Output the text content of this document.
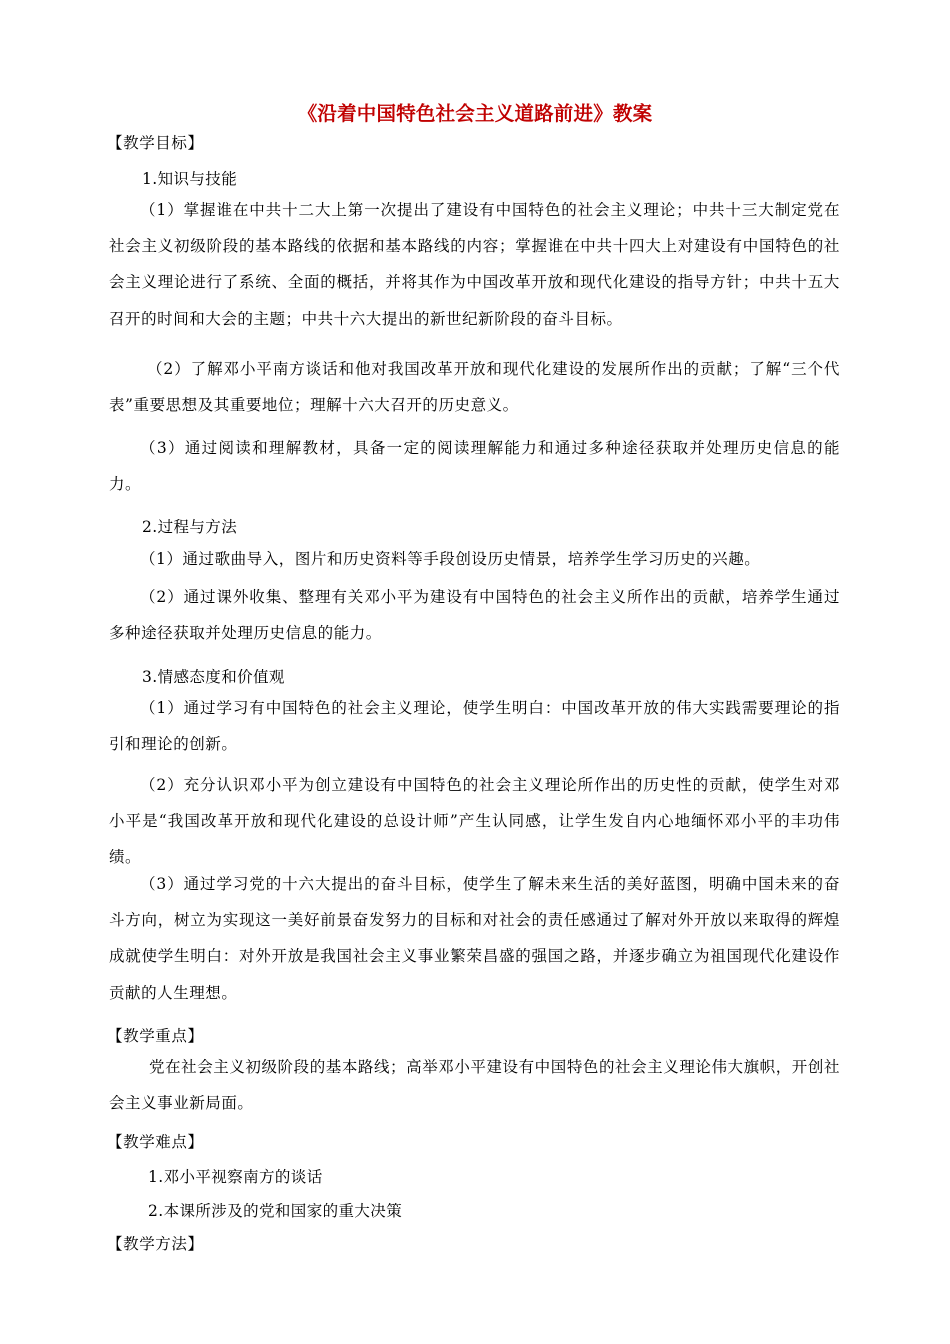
《沿着中国特色社会主义道路前进》教案
【教学目标】
1.知识与技能

（1）掌握谁在中共十二大上第一次提出了建设有中国特色的社会主义理论；中共十三大制定党在社会主义初级阶段的基本路线的依据和基本路线的内容；掌握谁在中共十四大上对建设有中国特色的社会主义理论进行了系统、全面的概括，并将其作为中国改革开放和现代化建设的指导方针；中共十五大召开的时间和大会的主题；中共十六大提出的新世纪新阶段的奋斗目标。

（2）了解邓小平南方谈话和他对我国改革开放和现代化建设的发展所作出的贡献；了解“三个代表”重要思想及其重要地位；理解十六大召开的历史意义。

（3）通过阅读和理解教材，具备一定的阅读理解能力和通过多种途径获取并处理历史信息的能力。

2.过程与方法

（1）通过歌曲导入，图片和历史资料等手段创设历史情景，培养学生学习历史的兴趣。

（2）通过课外收集、整理有关邓小平为建设有中国特色的社会主义所作出的贡献，培养学生通过多种途径获取并处理历史信息的能力。

3.情感态度和价值观

（1）通过学习有中国特色的社会主义理论，使学生明白：中国改革开放的伟大实践需要理论的指引和理论的创新。

（2）充分认识邓小平为创立建设有中国特色的社会主义理论所作出的历史性的贡献，使学生对邓小平是“我国改革开放和现代化建设的总设计师”产生认同感，让学生发自内心地缅怀邓小平的丰功伟绩。

（3）通过学习党的十六大提出的奋斗目标，使学生了解未来生活的美好蓝图，明确中国未来的奋斗方向，树立为实现这一美好前景奋发努力的目标和对社会的责任感通过了解对外开放以来取得的辉煌成就使学生明白：对外开放是我国社会主义事业繁荣昌盛的强国之路，并逐步确立为祖国现代化建设作贡献的人生理想。

【教学重点】

党在社会主义初级阶段的基本路线；高举邓小平建设有中国特色的社会主义理论伟大旗帜，开创社会主义事业新局面。

【教学难点】
1.邓小平视察南方的谈话
2.本课所涉及的党和国家的重大决策
【教学方法】
